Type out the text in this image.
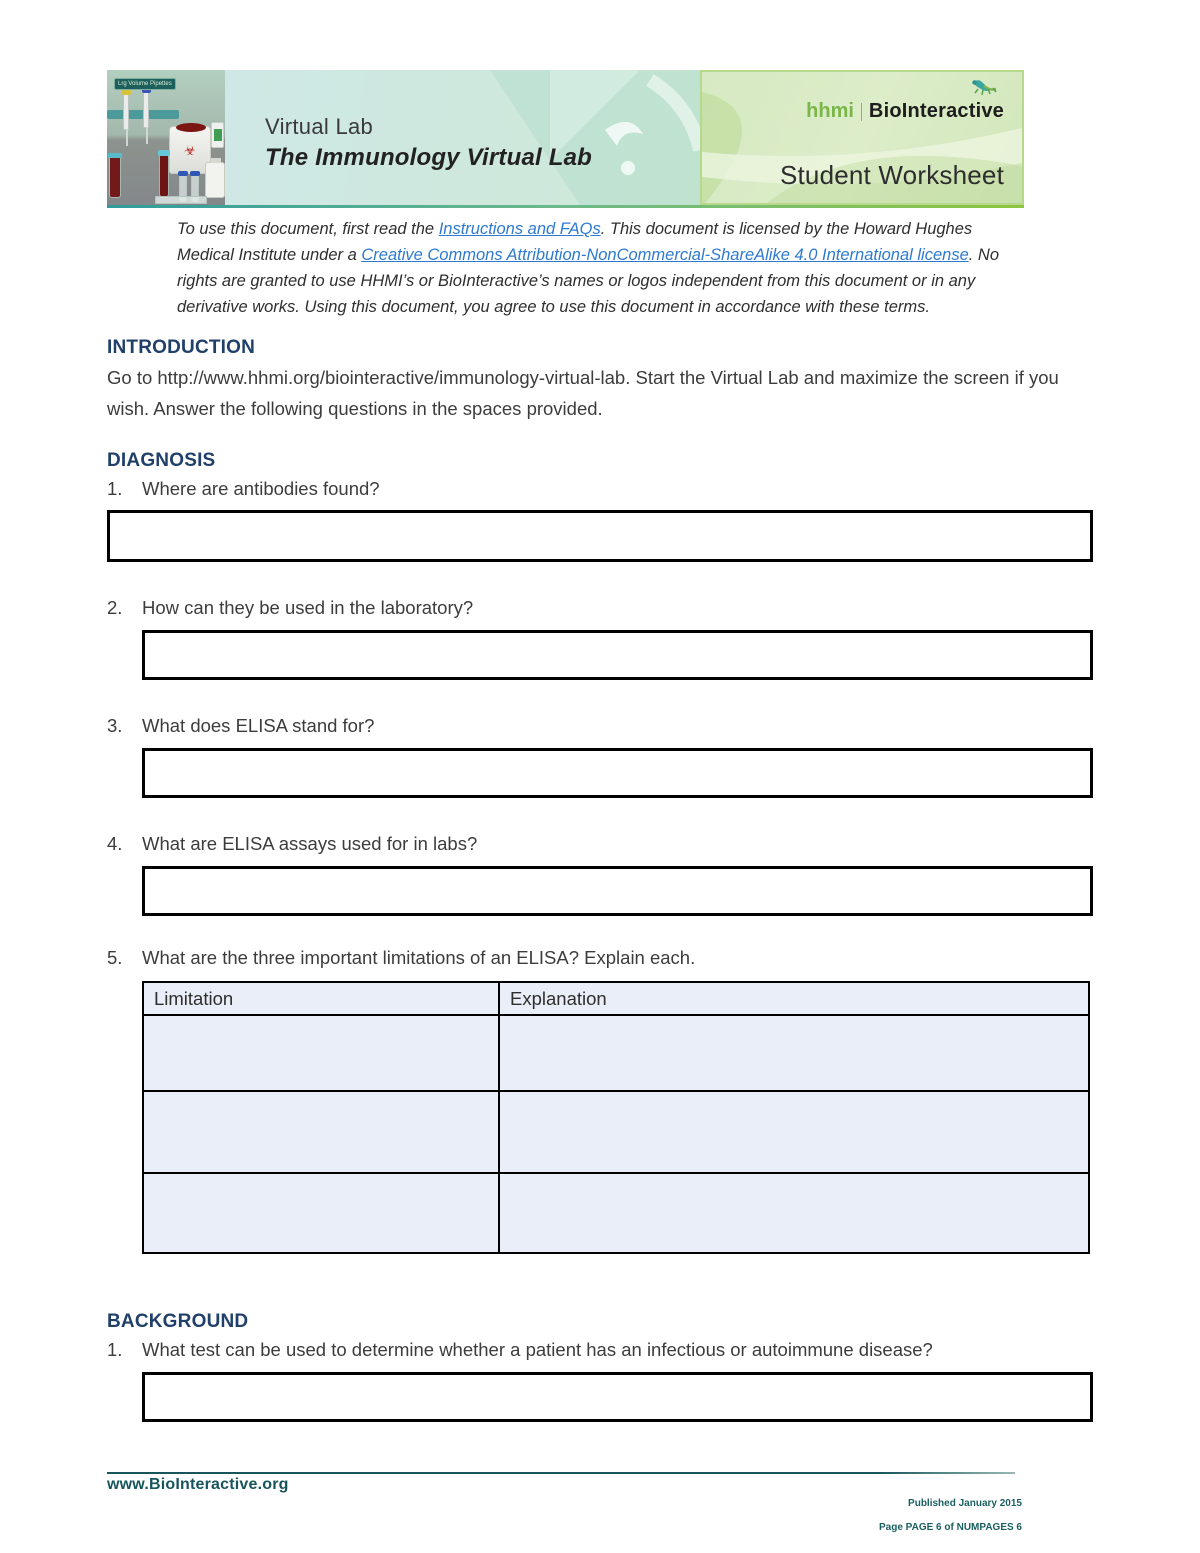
☣
Lrg Volume Pipettes
Virtual Lab
The Immunology Virtual Lab
hhmi BioInteractive
Student Worksheet

To use this document, first read the Instructions and FAQs. This document is licensed by the Howard Hughes Medical Institute under a Creative Commons Attribution-NonCommercial-ShareAlike 4.0 International license. No rights are granted to use HHMI’s or BioInteractive’s names or logos independent from this document or in any derivative works. Using this document, you agree to use this document in accordance with these terms.

INTRODUCTION

Go to http://www.hhmi.org/biointeractive/immunology-virtual-lab. Start the Virtual Lab and maximize the screen if you wish. Answer the following questions in the spaces provided.

DIAGNOSIS
1.	Where are antibodies found?
2.	How can they be used in the laboratory?
3.	What does ELISA stand for?
4.	What are ELISA assays used for in labs?
5.	What are the three important limitations of an ELISA? Explain each.
Limitation	Explanation

BACKGROUND
1.	What test can be used to determine whether a patient has an infectious or autoimmune disease?
www.BioInteractive.org
Published January 2015
Page PAGE 6 of NUMPAGES 6
